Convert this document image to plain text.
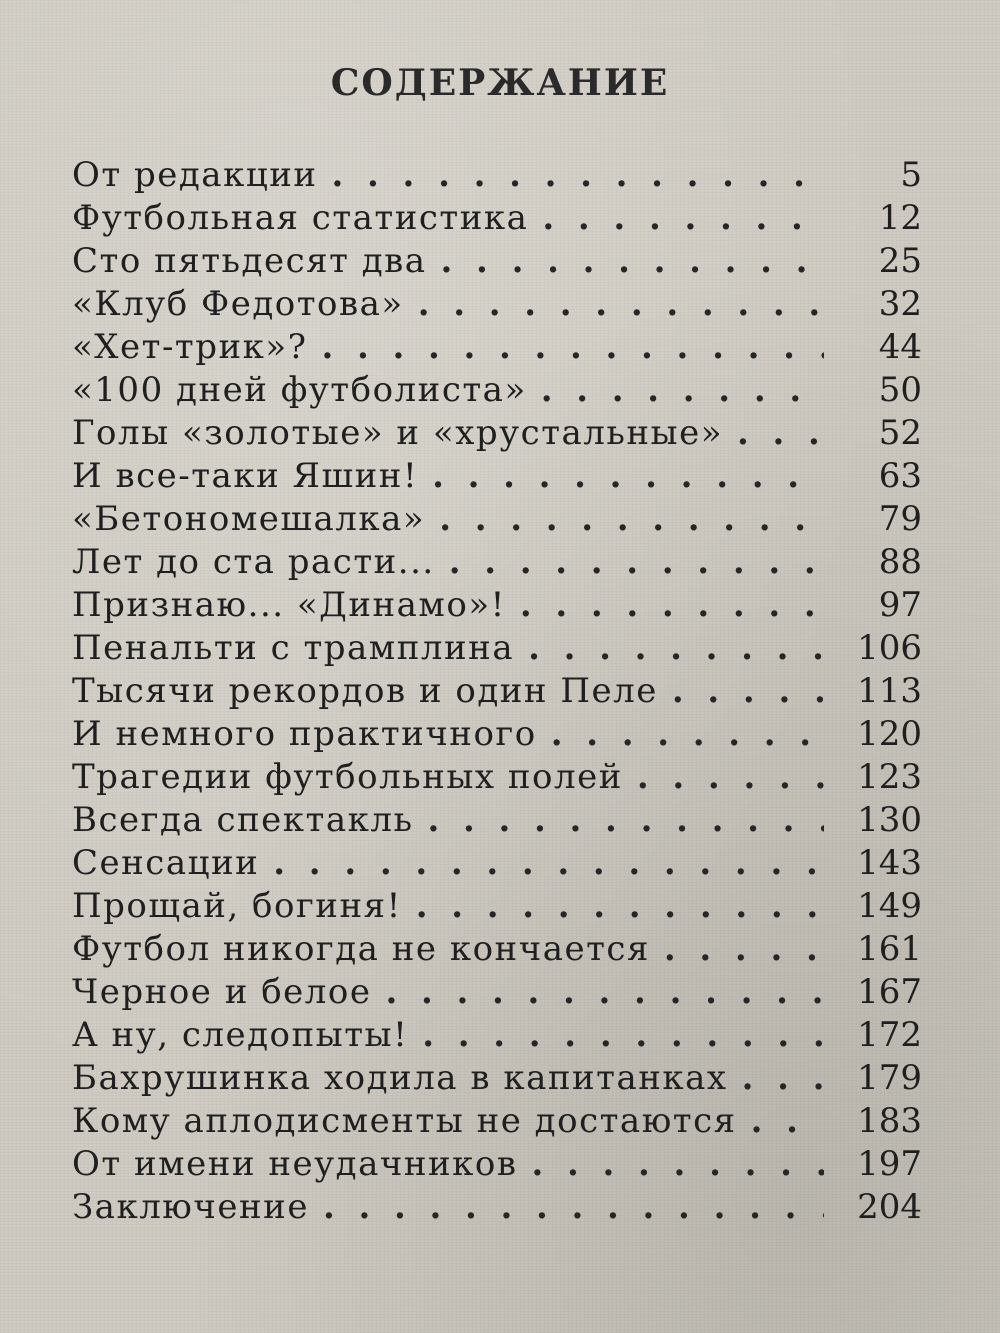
СОДЕРЖАНИЕ
От редакции . .	5
Футбольная статистика . .	12
Сто пятьдесят два . .	25
«Клуб Федотова» . .	32
«Хет-трик»? . .	44
«100 дней футболиста» . .	50
Голы «золотые» и «хрустальные» . .	52
И все-таки Яшин! . .	63
«Бетономешалка» . .	79
Лет до ста расти... . .	88
Признаю... «Динамо»! . .	97
Пенальти с трамплина . .	106
Тысячи рекордов и один Пеле . .	113
И немного практичного . .	120
Трагедии футбольных полей . .	123
Всегда спектакль . .	130
Сенсации . .	143
Прощай, богиня! . .	149
Футбол никогда не кончается . .	161
Черное и белое . .	167
А ну, следопыты! . .	172
Бахрушинка ходила в капитанках . .	179
Кому аплодисменты не достаются . .	183
От имени неудачников . .	197
Заключение . .	204
